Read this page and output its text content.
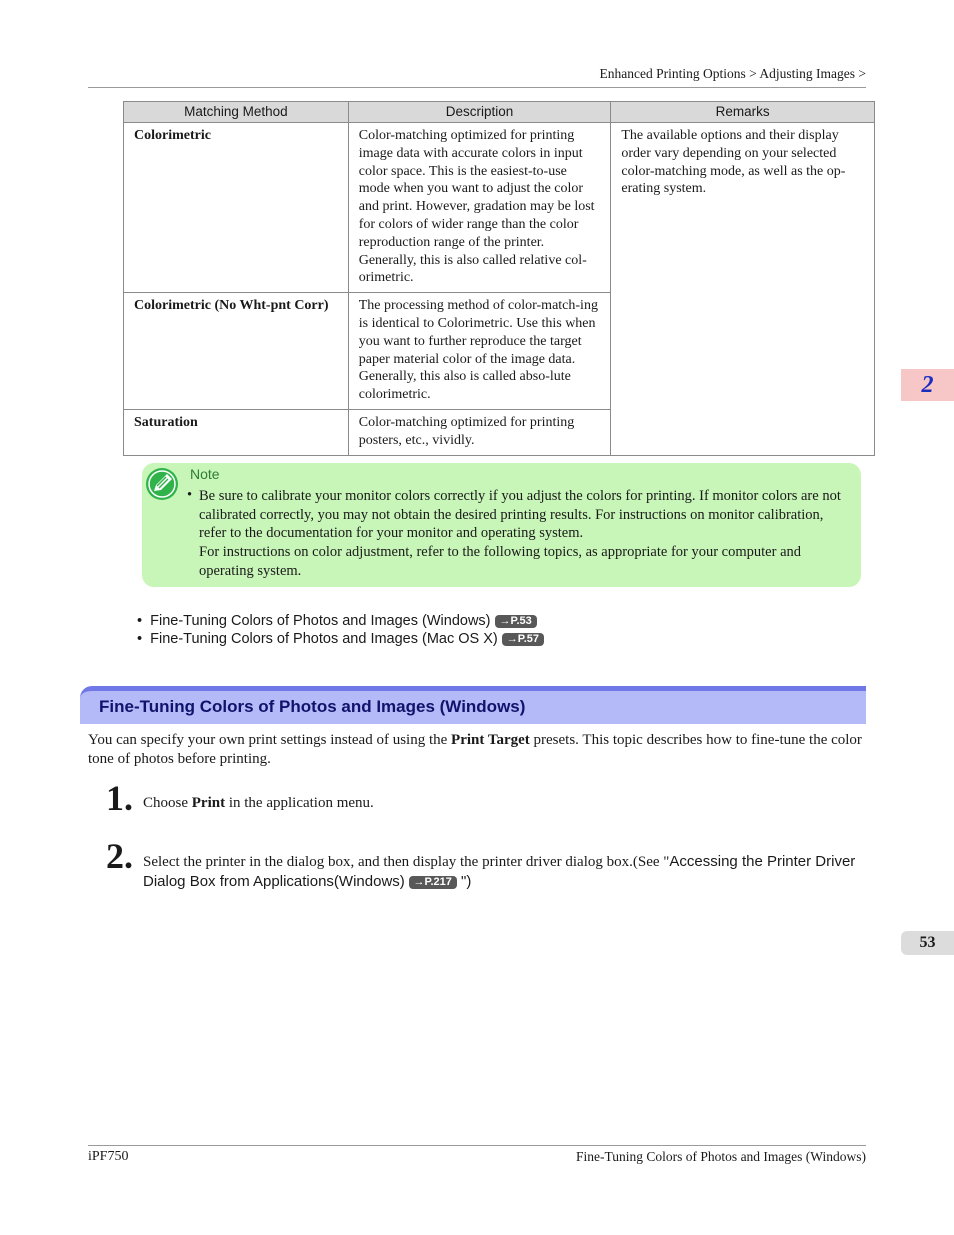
Enhanced Printing Options > Adjusting Images >
Matching Method	Description	Remarks
Colorimetric	Color-matching optimized for printing image data with accurate colors in input color space. This is the easiest-to-use mode when you want to adjust the color and print. However, gradation may be lost for colors of wider range than the color reproduction range of the printer. Generally, this is also called relative col-orimetric.	The available options and their display order vary depending on your selected color-matching mode, as well as the op-erating system.
Colorimetric (No Wht-pnt Corr)	The processing method of color-match-ing is identical to Colorimetric. Use this when you want to further reproduce the target paper material color of the image data. Generally, this also is called abso-lute colorimetric.	
Saturation	Color-matching optimized for printing posters, etc., vividly.	
Note
• Be sure to calibrate your monitor colors correctly if you adjust the colors for printing. If monitor colors are not calibrated correctly, you may not obtain the desired printing results. For instructions on monitor calibration, refer to the documentation for your monitor and operating system.
For instructions on color adjustment, refer to the following topics, as appropriate for your computer and operating system.
• Fine-Tuning Colors of Photos and Images (Windows) →P.53
• Fine-Tuning Colors of Photos and Images (Mac OS X) →P.57
Fine-Tuning Colors of Photos and Images (Windows)
You can specify your own print settings instead of using the Print Target presets. This topic describes how to fine-tune the color tone of photos before printing.
1. Choose Print in the application menu.
2. Select the printer in the dialog box, and then display the printer driver dialog box.(See "Accessing the Printer Driver Dialog Box from Applications(Windows) →P.217 ")
2
53
iPF750	Fine-Tuning Colors of Photos and Images (Windows)
